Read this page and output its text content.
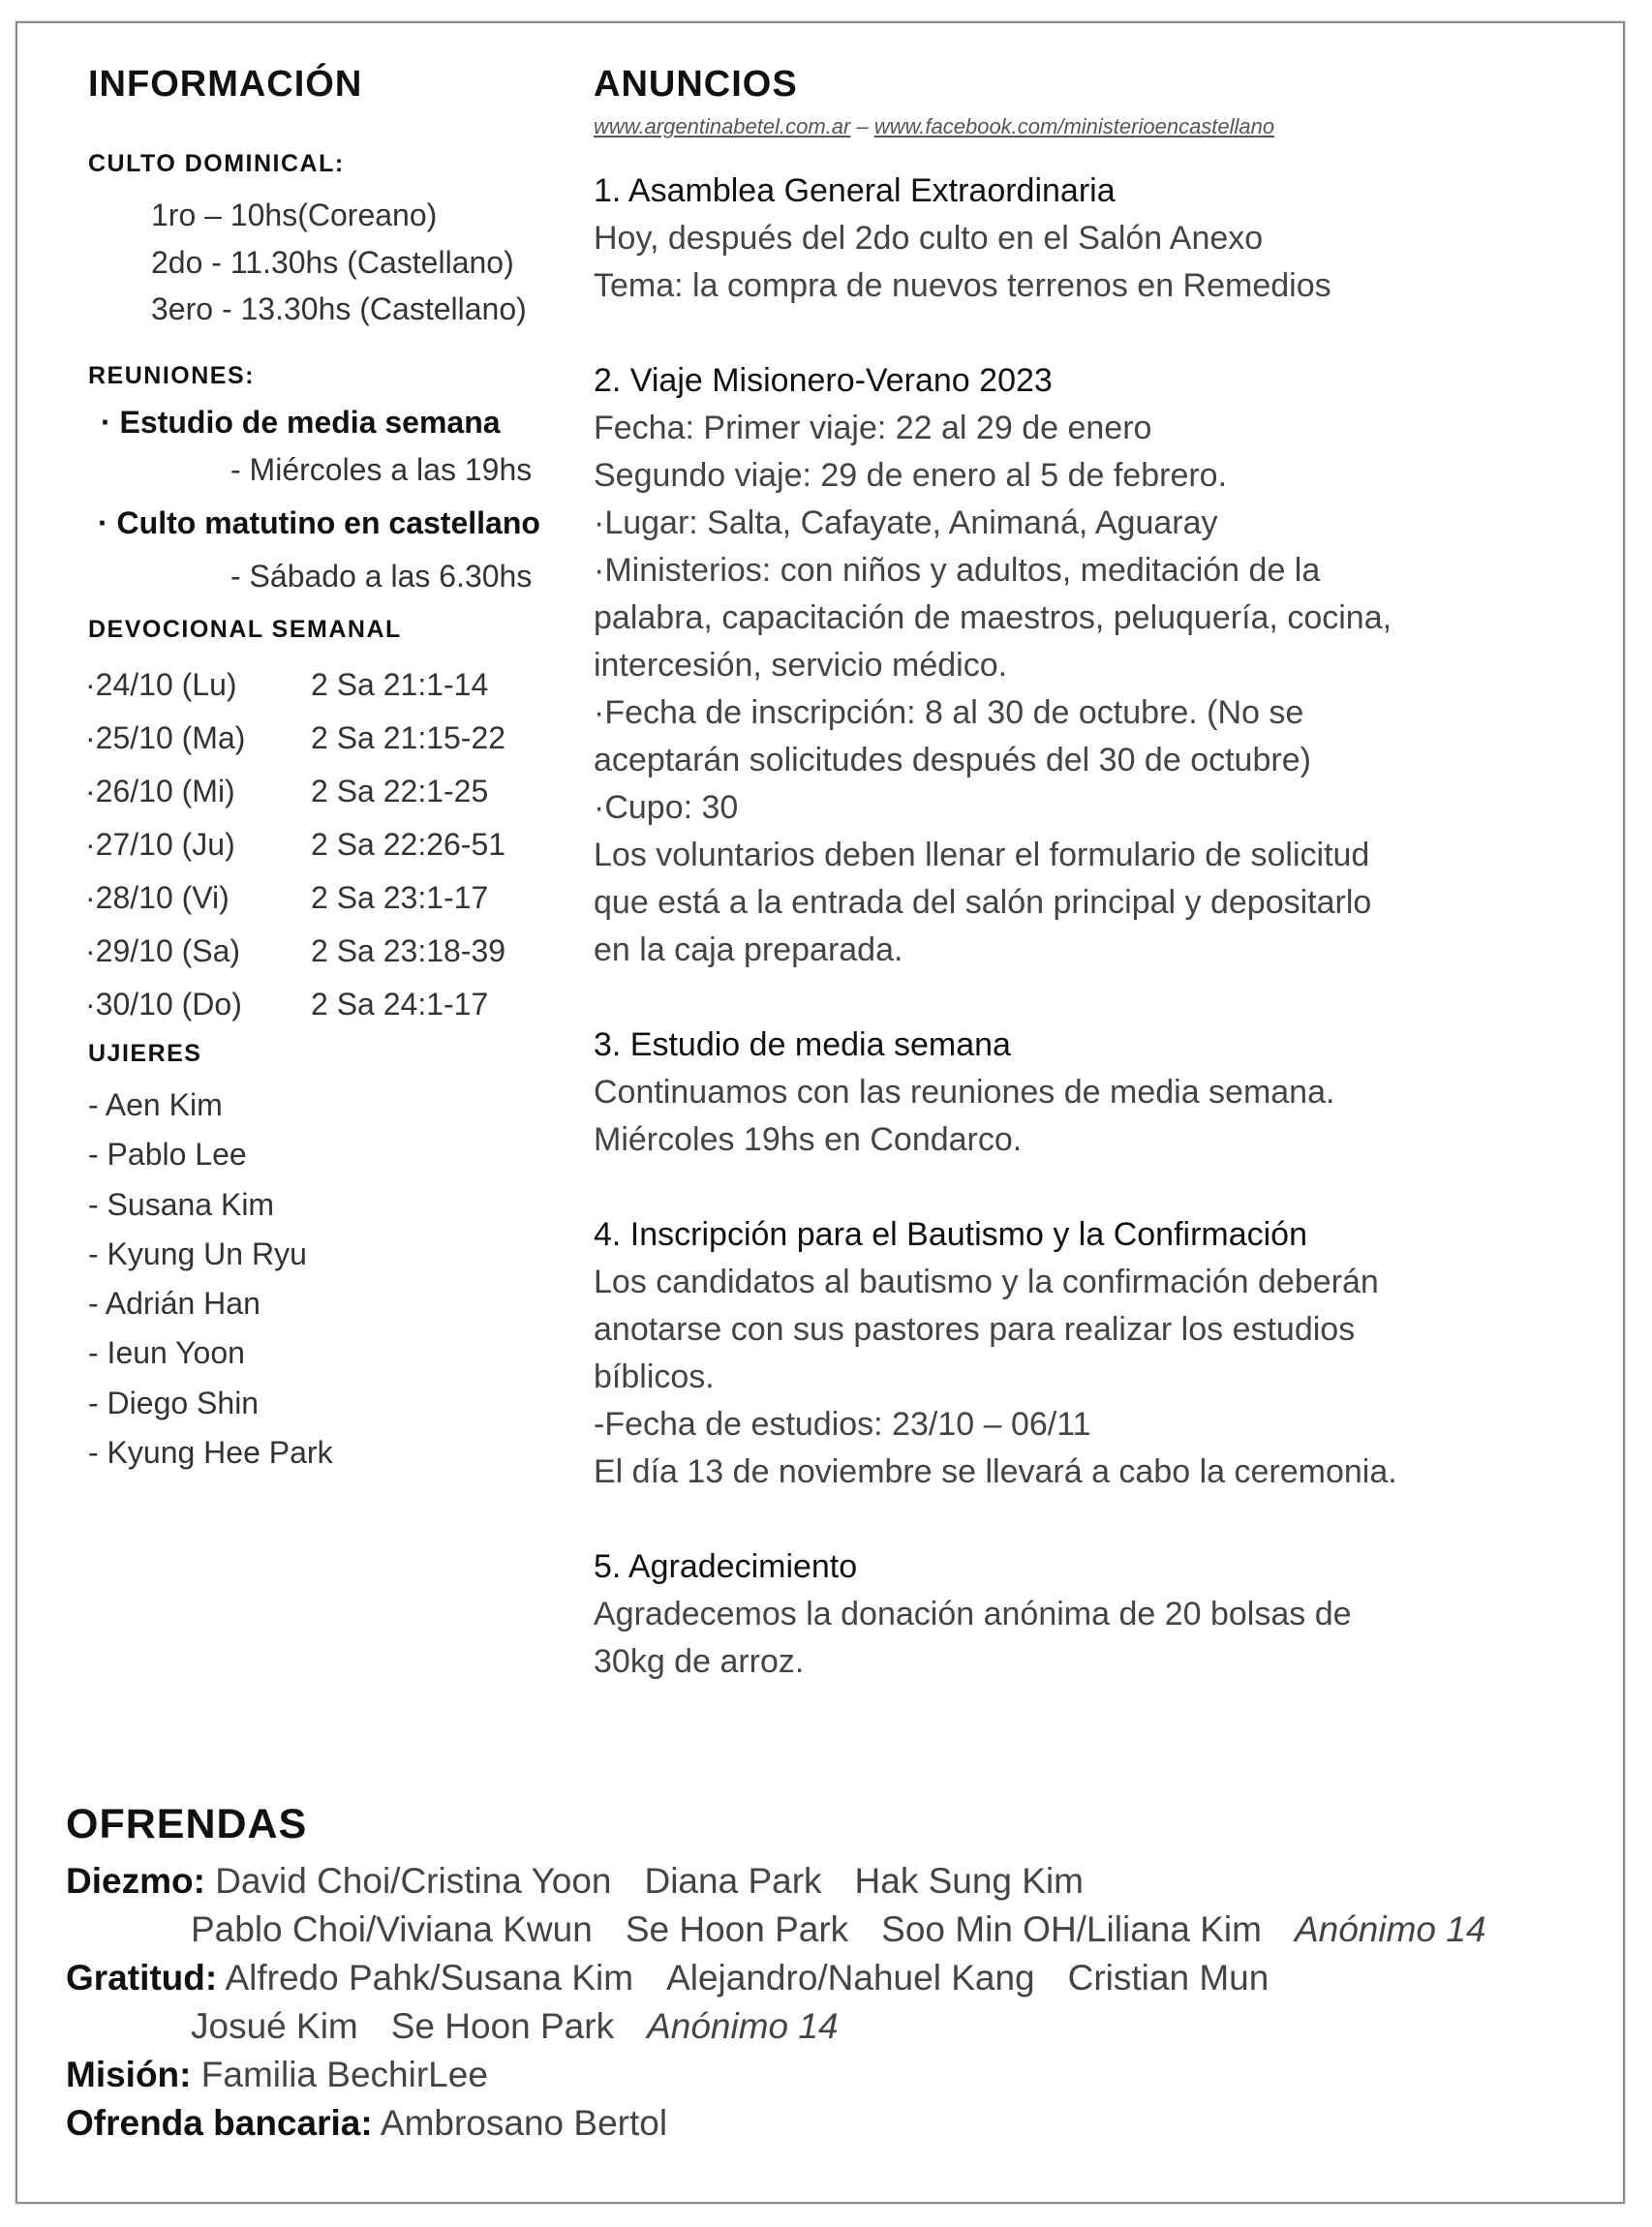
INFORMACIÓN
CULTO DOMINICAL:
1ro – 10hs(Coreano)
2do - 11.30hs (Castellano)
3ero - 13.30hs (Castellano)
REUNIONES:
· Estudio de media semana
- Miércoles a las 19hs
· Culto matutino en castellano
- Sábado a las 6.30hs
DEVOCIONAL SEMANAL
·24/10 (Lu)
·25/10 (Ma)
·26/10 (Mi)
·27/10 (Ju)
·28/10 (Vi)
·29/10 (Sa)
·30/10 (Do)
2 Sa 21:1-14
2 Sa 21:15-22
2 Sa 22:1-25
2 Sa 22:26-51
2 Sa 23:1-17
2 Sa 23:18-39
2 Sa 24:1-17
UJIERES
- Aen Kim
- Pablo Lee
- Susana Kim
- Kyung Un Ryu
- Adrián Han
- Ieun Yoon
- Diego Shin
- Kyung Hee Park
ANUNCIOS
www.argentinabetel.com.ar – www.facebook.com/ministerioencastellano
1. Asamblea General Extraordinaria
Hoy, después del 2do culto en el Salón Anexo
Tema: la compra de nuevos terrenos en Remedios
2. Viaje Misionero-Verano 2023
Fecha: Primer viaje: 22 al 29 de enero
Segundo viaje: 29 de enero al 5 de febrero.
·Lugar: Salta, Cafayate, Animaná, Aguaray
·Ministerios: con niños y adultos, meditación de la
palabra, capacitación de maestros, peluquería, cocina,
intercesión, servicio médico.
·Fecha de inscripción: 8 al 30 de octubre. (No se
aceptarán solicitudes después del 30 de octubre)
·Cupo: 30
Los voluntarios deben llenar el formulario de solicitud
que está a la entrada del salón principal y depositarlo
en la caja preparada.
3. Estudio de media semana
Continuamos con las reuniones de media semana.
Miércoles 19hs en Condarco.
4. Inscripción para el Bautismo y la Confirmación
Los candidatos al bautismo y la confirmación deberán
anotarse con sus pastores para realizar los estudios
bíblicos.
-Fecha de estudios: 23/10 – 06/11
El día 13 de noviembre se llevará a cabo la ceremonia.
5. Agradecimiento
Agradecemos la donación anónima de 20 bolsas de
30kg de arroz.
OFRENDAS
Diezmo: David Choi/Cristina Yoon Diana Park Hak Sung Kim
Pablo Choi/Viviana Kwun Se Hoon Park Soo Min OH/Liliana Kim Anónimo 14
Gratitud: Alfredo Pahk/Susana Kim Alejandro/Nahuel Kang Cristian Mun
Josué Kim Se Hoon Park Anónimo 14
Misión: Familia BechirLee
Ofrenda bancaria: Ambrosano Bertol
